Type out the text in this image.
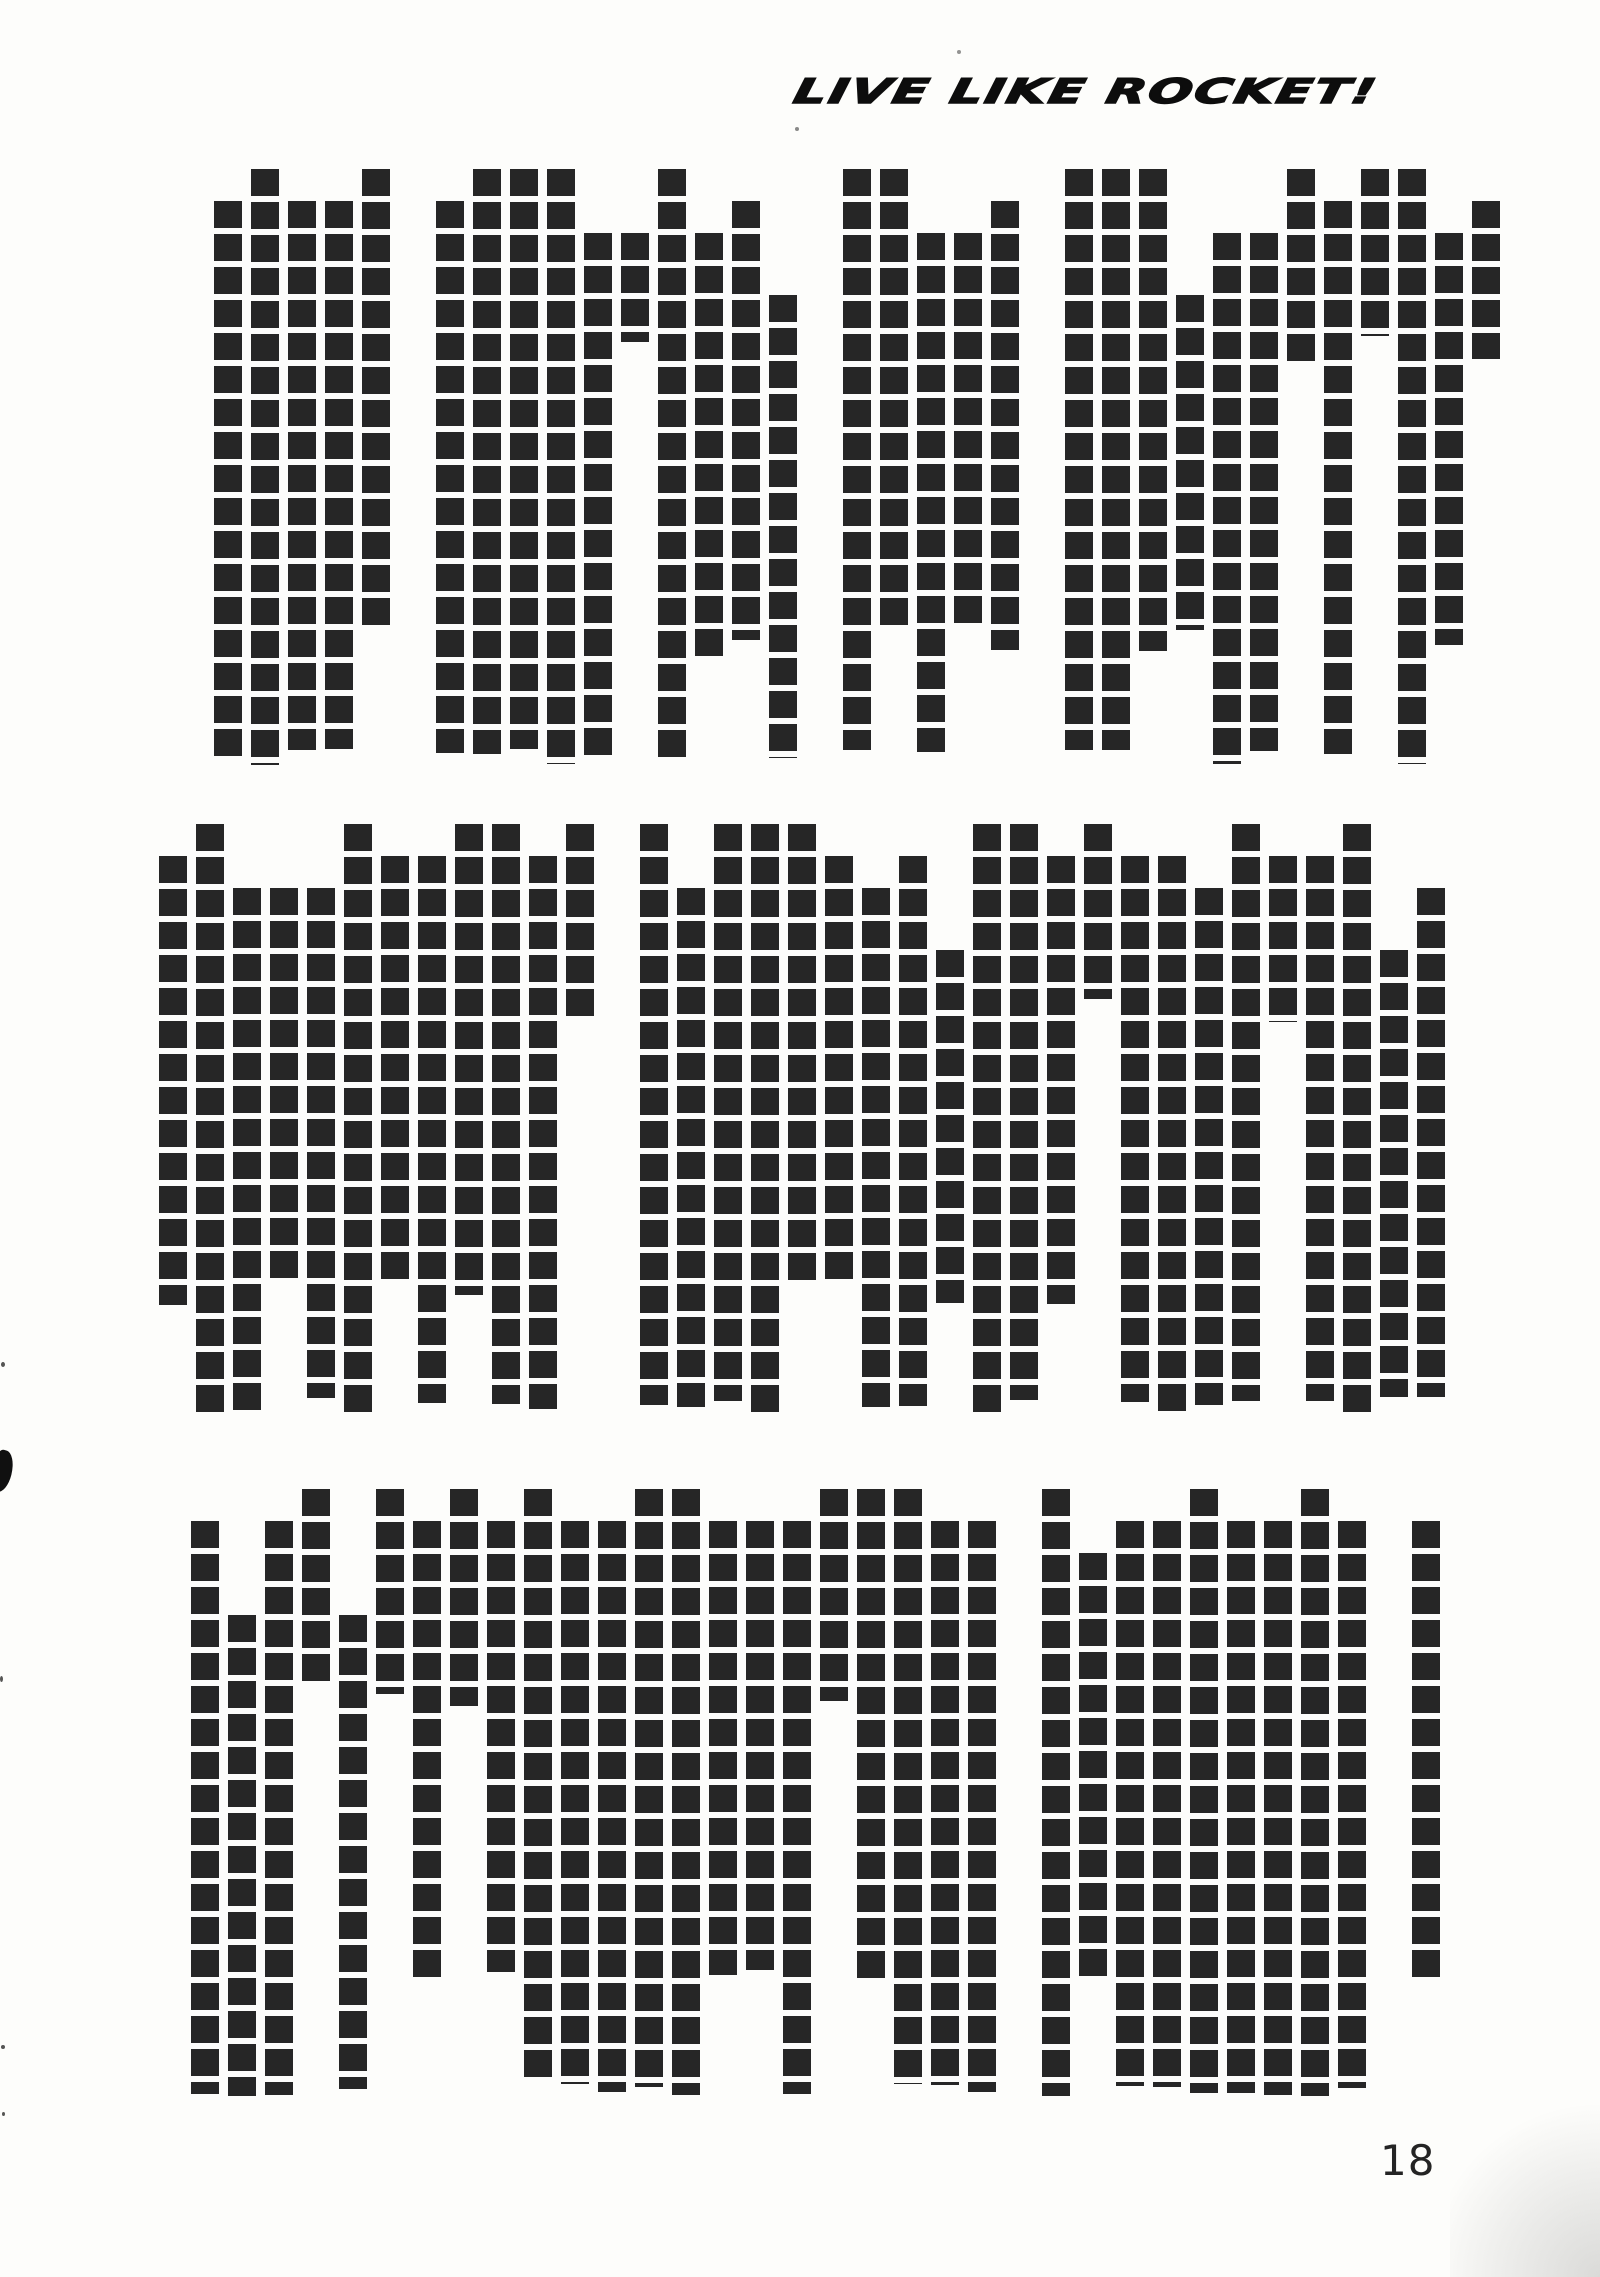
LIVE LIKE ROCKET!
18
